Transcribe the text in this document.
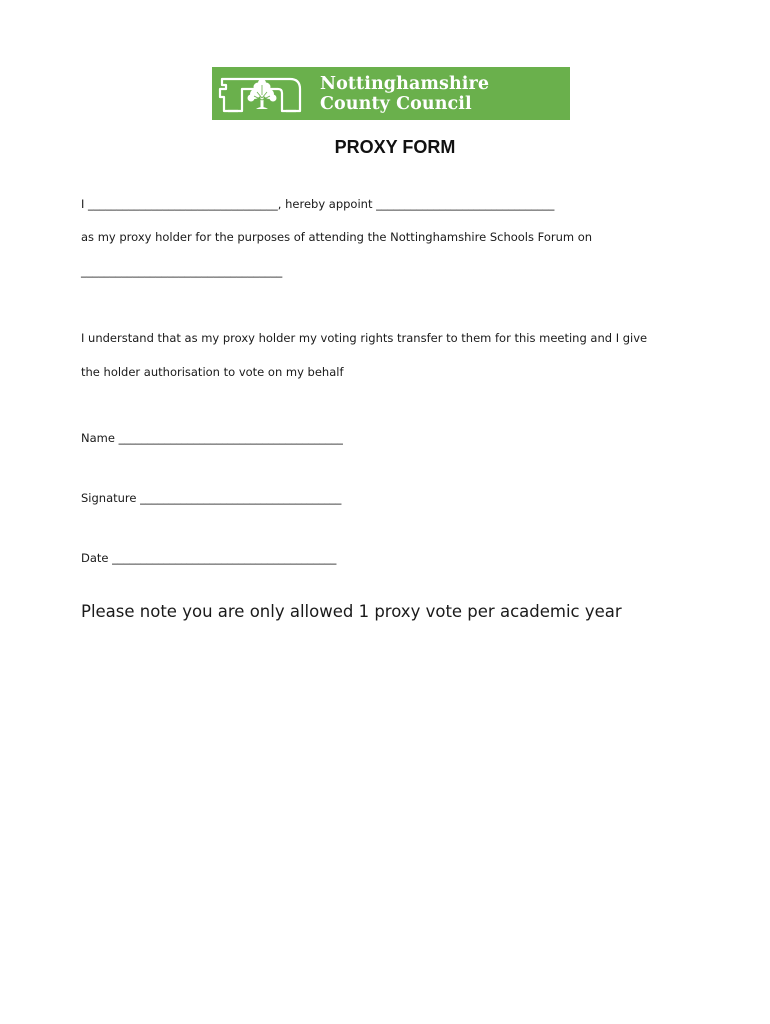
Nottinghamshire
County Council
PROXY FORM
I _________________________________, hereby appoint _______________________________
as my proxy holder for the purposes of attending the Nottinghamshire Schools Forum on
___________________________________
I understand that as my proxy holder my voting rights transfer to them for this meeting and I give
the holder authorisation to vote on my behalf
Name _______________________________________
Signature ___________________________________
Date _______________________________________
Please note you are only allowed 1 proxy vote per academic year
